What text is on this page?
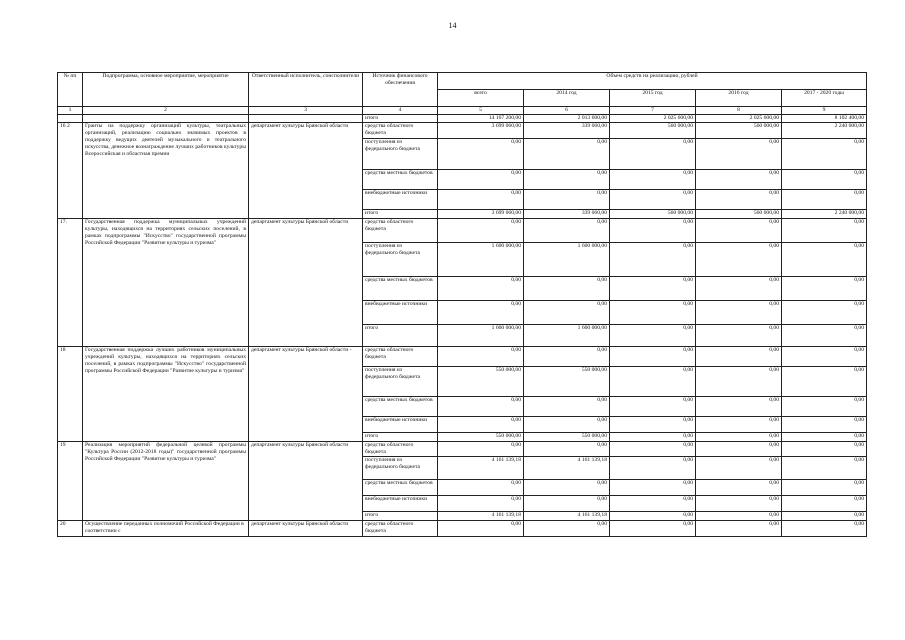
14
№ пп	Подпрограмма, основное мероприятие, мероприятие	Ответственный исполнитель, соисполнители	Источник финансового обеспечения	Объем средств на реализацию, рублей				
				всего	2014 год	2015 год	2016 год	2017 - 2020 годы
1	2	3	4	5	6	7	8	9
			итого	14 167 200,00	2 013 600,00	2 025 600,00	2 025 600,00	8 102 400,00
16 2	Гранты на поддержку организаций культуры, театральных организаций, реализацию социально значимых проектов в поддержку ведущих деятелей музыкального и театрального искусства, денежное вознаграждение лучших работников культуры Всероссийская и областная премии	департамент культуры Брянской области	средства областного бюджета	3 699 060,00	339 060,00	560 000,00	560 000,00	2 240 000,00
			поступления из федерального бюджета	0,00	0,00	0,00	0,00	0,00
			средства местных бюджетов	0,00	0,00	0,00	0,00	0,00
			внебюджетные источники	0,00	0,00	0,00	0,00	0,00
			итого	3 699 060,00	339 060,00	560 000,00	560 000,00	2 240 000,00
17.	Государственная поддержка муниципальных учреждений культуры, находящихся на территориях сельских поселений, в рамках подпрограммы "Искусство" государственной программы Российской Федерации "Развитие культуры и туризма"	департамент культуры Брянской области	средства областного бюджета	0,00	0,00	0,00	0,00	0,00
			поступления из федерального бюджета	1 600 000,00	1 600 000,00	0,00	0,00	0,00
			средства местных бюджетов	0,00	0,00	0,00	0,00	0,00
			внебюджетные источники	0,00	0,00	0,00	0,00	0,00
			итого	1 600 000,00	1 600 000,00	0,00	0,00	0,00
18	Государственная поддержка лучших работников муниципальных учреждений культуры, находящихся на территориях сельских поселений, в рамках подпрограммы "Искусство" государственной программы Российской Федерации "Развитие культуры и туризма"	департамент культуры Брянской области -	средства областного бюджета	0,00	0,00	0,00	0,00	0,00
			поступления из федерального бюджета	550 000,00	550 000,00	0,00	0,00	0,00
			средства местных бюджетов	0,00	0,00	0,00	0,00	0,00
			внебюджетные источники	0,00	0,00	0,00	0,00	0,00
			итого	550 000,00	550 000,00	0,00	0,00	0,00
19	Реализация мероприятий федеральной целевой программы "Культура России (2012-2018 годы)" государственной программы Российской Федерации "Развитие культуры и туризма"	департамент культуры Брянской области	средства областного бюджета	0,00	0,00	0,00	0,00	0,00
			поступления из федерального бюджета	4 161 139,18	4 161 139,18	0,00	0,00	0,00
			средства местных бюджетов	0,00	0,00	0,00	0,00	0,00
			внебюджетные источники	0,00	0,00	0,00	0,00	0,00
			итого	4 161 139,18	4 161 139,18	0,00	0,00	0,00
20	Осуществление переданных полномочий Российской Федерации в соответствии с	департамент культуры Брянской области	средства областного бюджета	0,00	0,00	0,00	0,00	0,00
